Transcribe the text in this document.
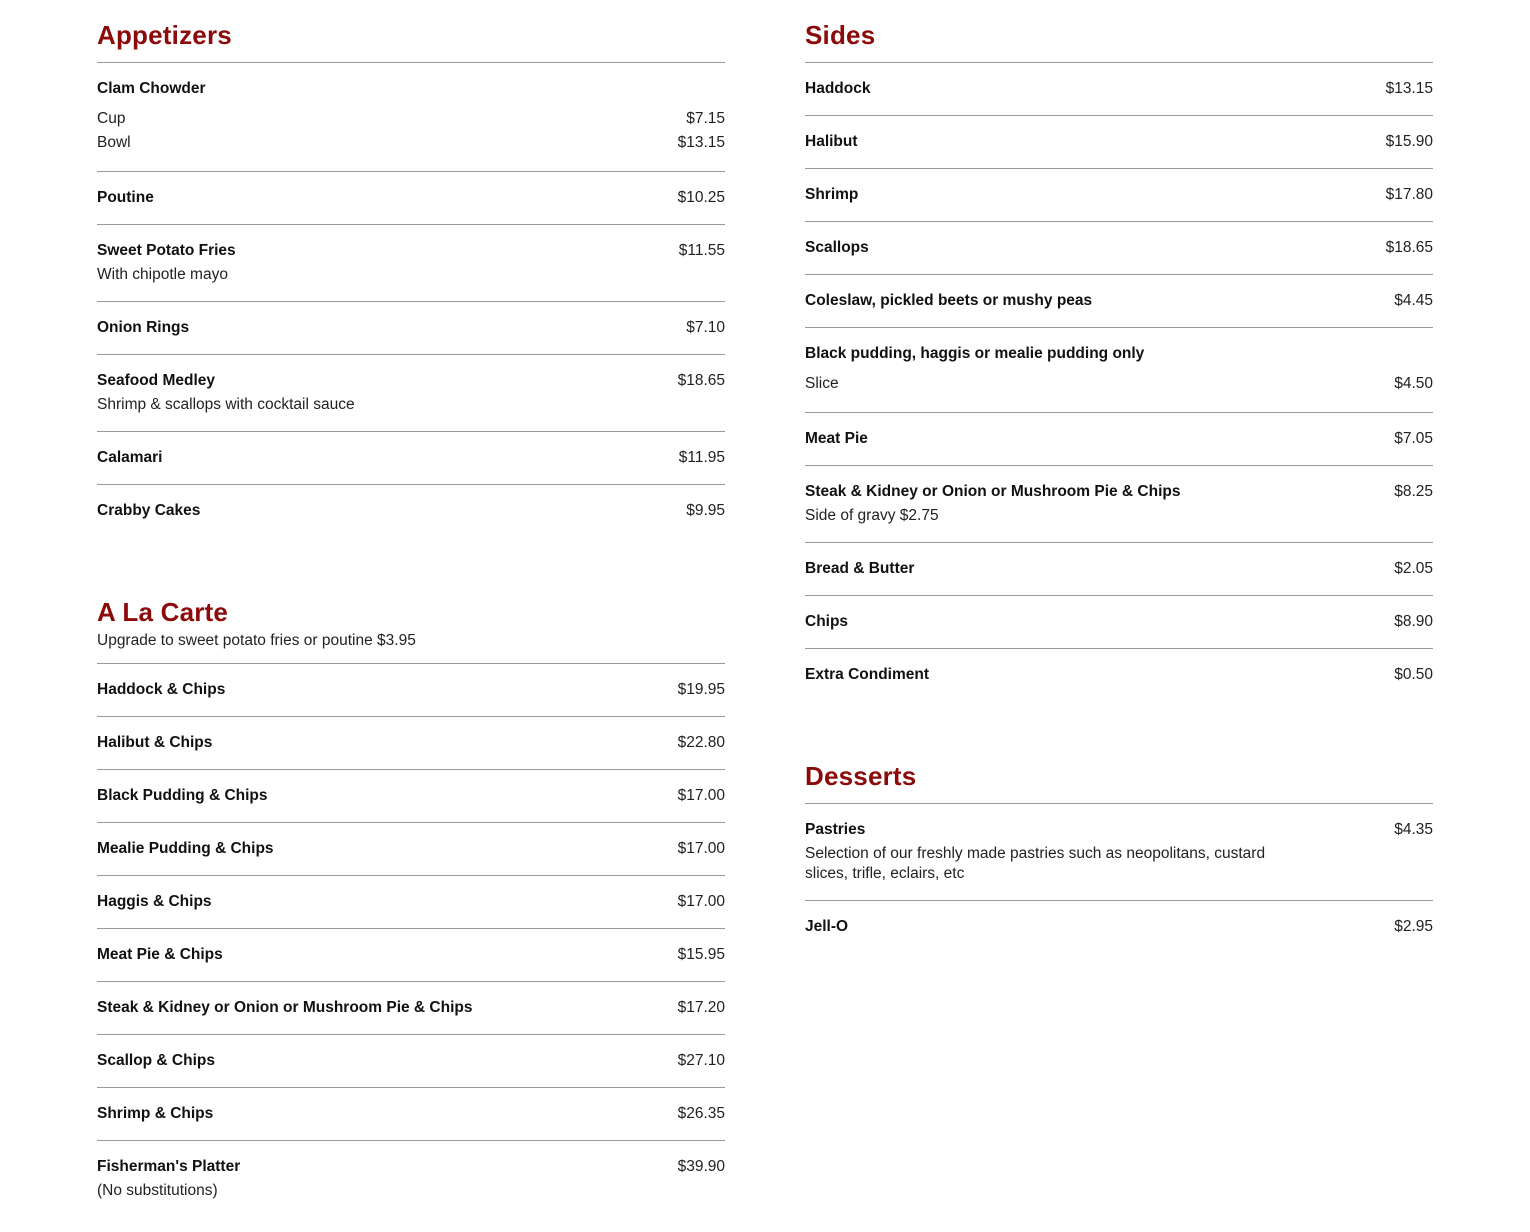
Appetizers
Clam Chowder
Cup	$7.15
Bowl	$13.15
Poutine	$10.25
Sweet Potato Fries	$11.55
With chipotle mayo
Onion Rings	$7.10
Seafood Medley	$18.65
Shrimp & scallops with cocktail sauce
Calamari	$11.95
Crabby Cakes	$9.95
A La Carte
Upgrade to sweet potato fries or poutine $3.95
Haddock & Chips	$19.95
Halibut & Chips	$22.80
Black Pudding & Chips	$17.00
Mealie Pudding & Chips	$17.00
Haggis & Chips	$17.00
Meat Pie & Chips	$15.95
Steak & Kidney or Onion or Mushroom Pie & Chips	$17.20
Scallop & Chips	$27.10
Shrimp & Chips	$26.35
Fisherman's Platter	$39.90
(No substitutions)
Sides
Haddock	$13.15
Halibut	$15.90
Shrimp	$17.80
Scallops	$18.65
Coleslaw, pickled beets or mushy peas	$4.45
Black pudding, haggis or mealie pudding only
Slice	$4.50
Meat Pie	$7.05
Steak & Kidney or Onion or Mushroom Pie & Chips	$8.25
Side of gravy $2.75
Bread & Butter	$2.05
Chips	$8.90
Extra Condiment	$0.50
Desserts
Pastries	$4.35
Selection of our freshly made pastries such as neopolitans, custard slices, trifle, eclairs, etc
Jell-O	$2.95
